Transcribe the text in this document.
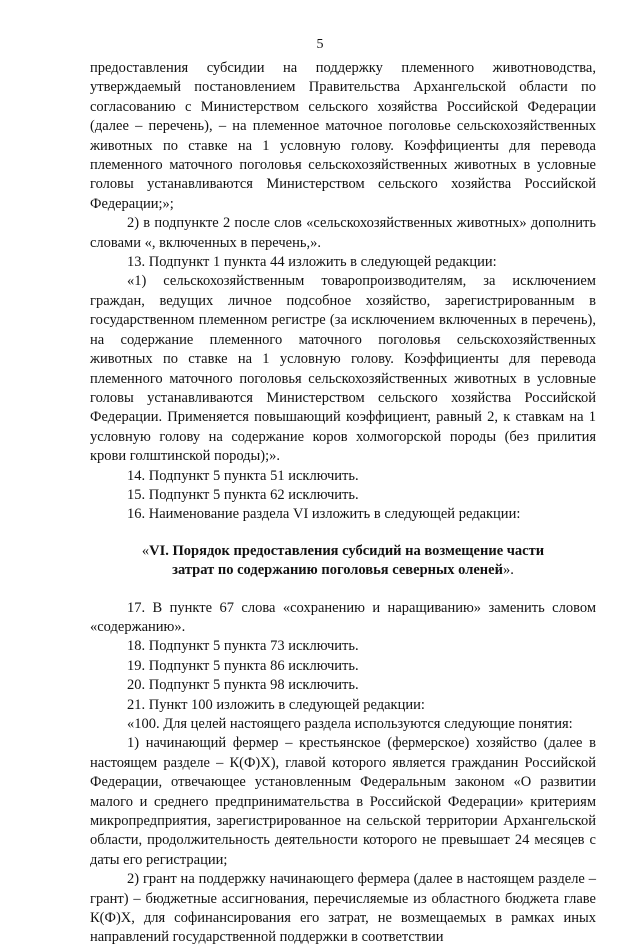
5

предоставления субсидии на поддержку племенного животноводства, утверждаемый постановлением Правительства Архангельской области по согласованию с Министерством сельского хозяйства Российской Федерации (далее – перечень), – на племенное маточное поголовье сельскохозяйственных животных по ставке на 1 условную голову. Коэффициенты для перевода племенного маточного поголовья сельскохозяйственных животных в условные головы устанавливаются Министерством сельского хозяйства Российской Федерации;»;

2) в подпункте 2 после слов «сельскохозяйственных животных» дополнить словами «, включенных в перечень,».

13. Подпункт 1 пункта 44 изложить в следующей редакции:

«1) сельскохозяйственным товаропроизводителям, за исключением граждан, ведущих личное подсобное хозяйство, зарегистрированным в государственном племенном регистре (за исключением включенных в перечень), на содержание племенного маточного поголовья сельскохозяйственных животных по ставке на 1 условную голову. Коэффициенты для перевода племенного маточного поголовья сельскохозяйственных животных в условные головы устанавливаются Министерством сельского хозяйства Российской Федерации. Применяется повышающий коэффициент, равный 2, к ставкам на 1 условную голову на содержание коров холмогорской породы (без прилития крови голштинской породы);».

14. Подпункт 5 пункта 51 исключить.

15. Подпункт 5 пункта 62 исключить.

16. Наименование раздела VI изложить в следующей редакции:

«VI. Порядок предоставления субсидий на возмещение части
затрат по содержанию поголовья северных оленей».

17. В пункте 67 слова «сохранению и наращиванию» заменить словом «содержанию».

18. Подпункт 5 пункта 73 исключить.

19. Подпункт 5 пункта 86 исключить.

20. Подпункт 5 пункта 98 исключить.

21. Пункт 100 изложить в следующей редакции:

«100. Для целей настоящего раздела используются следующие понятия:

1) начинающий фермер – крестьянское (фермерское) хозяйство (далее в настоящем разделе – К(Ф)Х), главой которого является гражданин Российской Федерации, отвечающее установленным Федеральным законом «О развитии малого и среднего предпринимательства в Российской Федерации» критериям микропредприятия, зарегистрированное на сельской территории Архангельской области, продолжительность деятельности которого не превышает 24 месяцев с даты его регистрации;

2) грант на поддержку начинающего фермера (далее в настоящем разделе – грант) – бюджетные ассигнования, перечисляемые из областного бюджета главе К(Ф)Х, для софинансирования его затрат, не возмещаемых в рамках иных направлений государственной поддержки в соответствии
